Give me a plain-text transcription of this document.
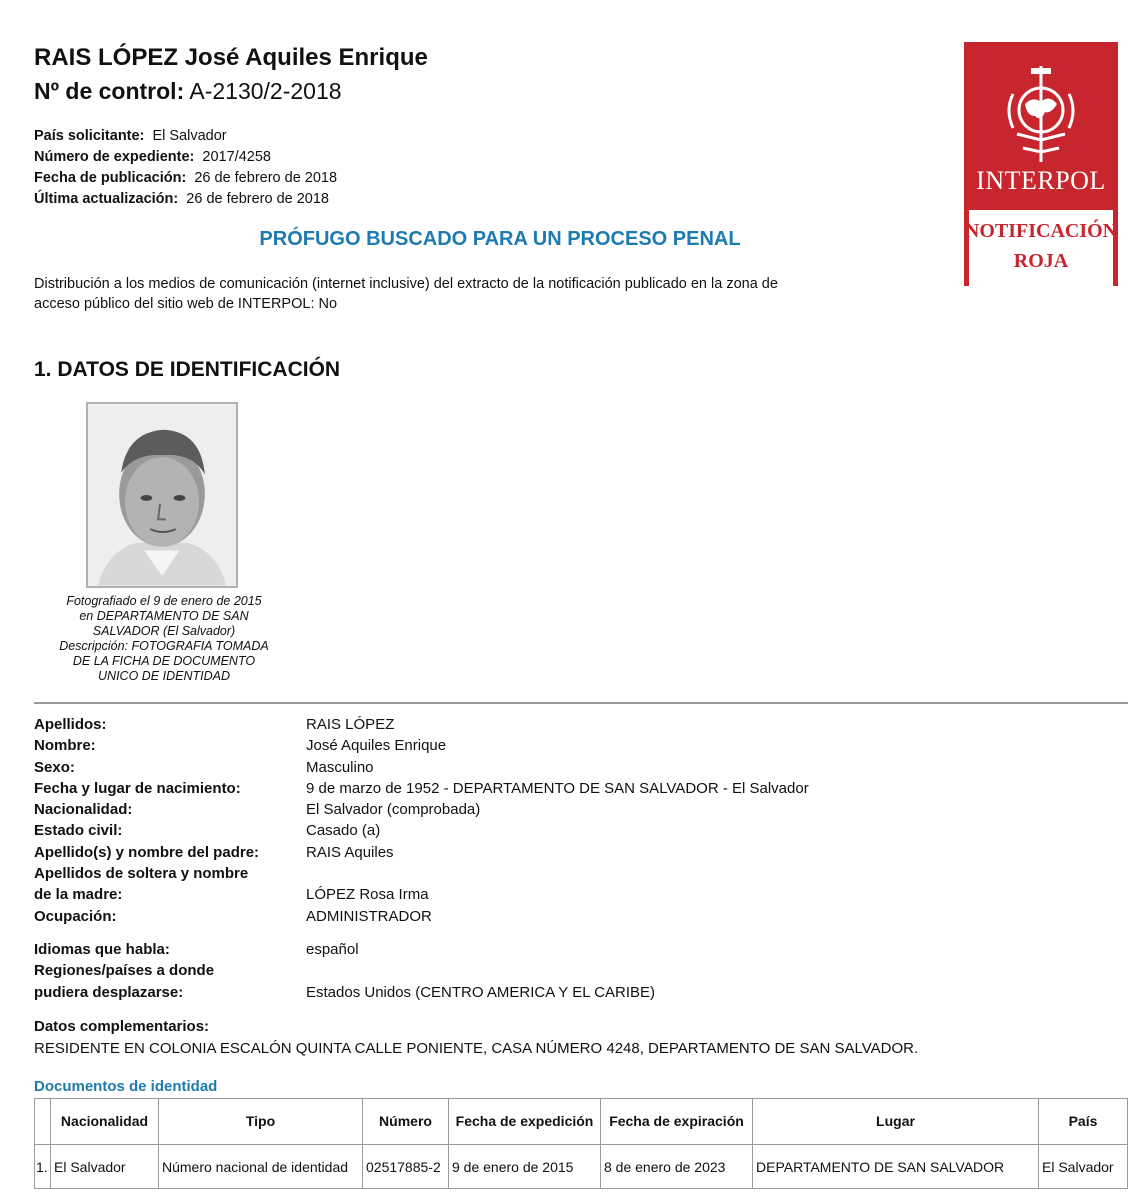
RAIS LÓPEZ José Aquiles Enrique
Nº de control: A-2130/2-2018
País solicitante: El Salvador
Número de expediente: 2017/4258
Fecha de publicación: 26 de febrero de 2018
Última actualización: 26 de febrero de 2018
PRÓFUGO BUSCADO PARA UN PROCESO PENAL
Distribución a los medios de comunicación (internet inclusive) del extracto de la notificación publicado en la zona de
acceso público del sitio web de INTERPOL: No
INTERPOL
NOTIFICACIÓN
ROJA
1. DATOS DE IDENTIFICACIÓN
Fotografiado el 9 de enero de 2015
en DEPARTAMENTO DE SAN
SALVADOR (El Salvador)
Descripción: FOTOGRAFIA TOMADA
DE LA FICHA DE DOCUMENTO
UNICO DE IDENTIDAD
Apellidos:	RAIS LÓPEZ
Nombre:	José Aquiles Enrique
Sexo:	Masculino
Fecha y lugar de nacimiento:	9 de marzo de 1952 - DEPARTAMENTO DE SAN SALVADOR - El Salvador
Nacionalidad:	El Salvador (comprobada)
Estado civil:	Casado (a)
Apellido(s) y nombre del padre:	RAIS Aquiles
Apellidos de soltera y nombre
de la madre:	LÓPEZ Rosa Irma
Ocupación:	ADMINISTRADOR
Idiomas que habla:	español
Regiones/países a donde
pudiera desplazarse:	Estados Unidos (CENTRO AMERICA Y EL CARIBE)
Datos complementarios:
RESIDENTE EN COLONIA ESCALÓN QUINTA CALLE PONIENTE, CASA NÚMERO 4248, DEPARTAMENTO DE SAN SALVADOR.
Documentos de identidad
	Nacionalidad	Tipo	Número	Fecha de expedición	Fecha de expiración	Lugar	País
1.	El Salvador	Número nacional de identidad	02517885-2	9 de enero de 2015	8 de enero de 2023	DEPARTAMENTO DE SAN SALVADOR	El Salvador
